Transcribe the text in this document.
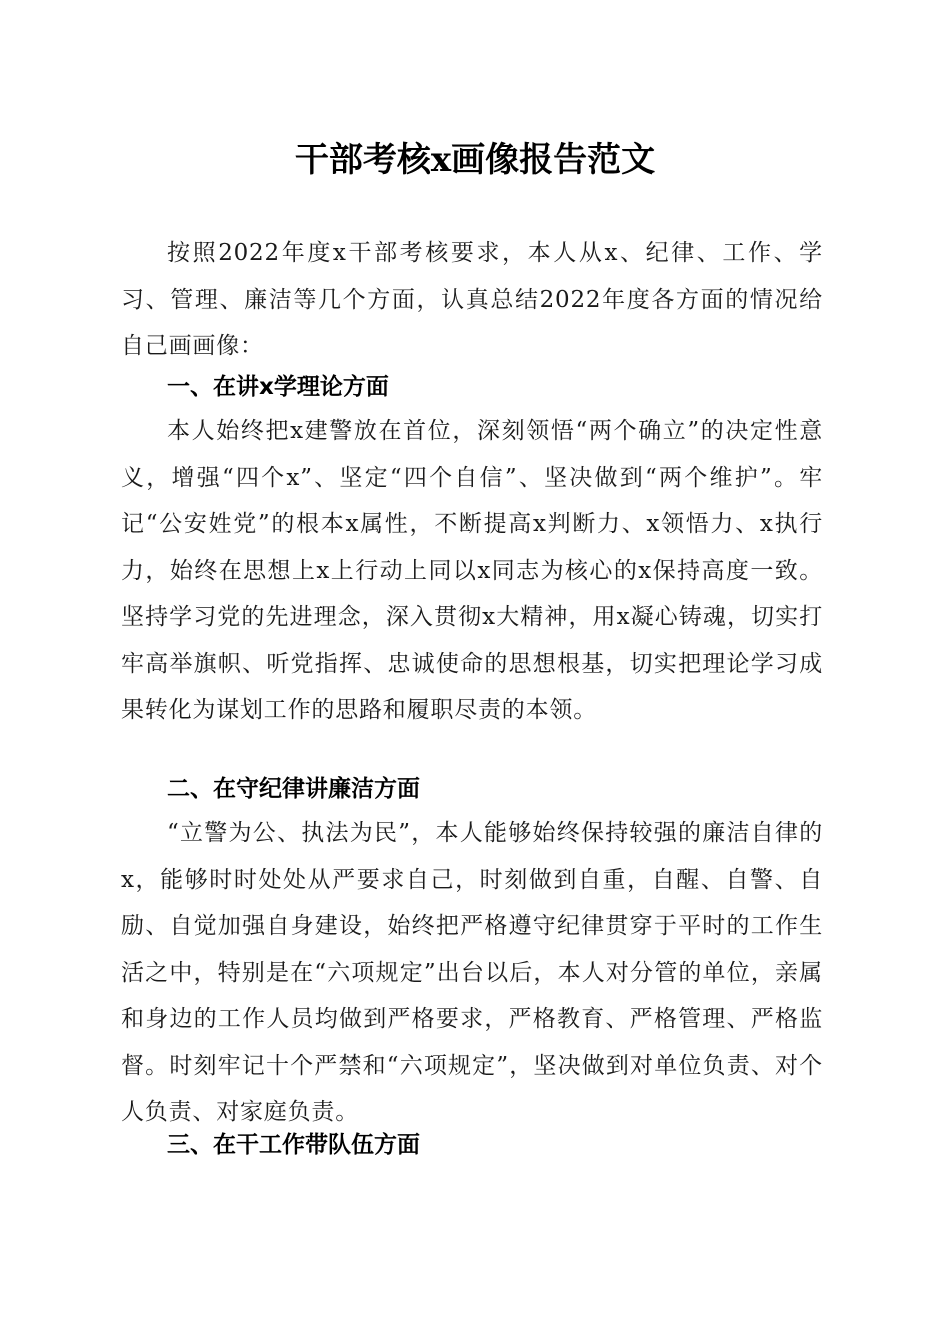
干部考核x画像报告范文

按照2022年度x干部考核要求，本人从x、纪律、工作、学习、管理、廉洁等几个方面，认真总结2022年度各方面的情况给自己画画像：

一、在讲x学理论方面

本人始终把x建警放在首位，深刻领悟“两个确立”的决定性意义，增强“四个x”、坚定“四个自信”、坚决做到“两个维护”。牢记“公安姓党”的根本x属性，不断提高x判断力、x领悟力、x执行力，始终在思想上x上行动上同以x同志为核心的x保持高度一致。坚持学习党的先进理念，深入贯彻x大精神，用x凝心铸魂，切实打牢高举旗帜、听党指挥、忠诚使命的思想根基，切实把理论学习成果转化为谋划工作的思路和履职尽责的本领。

二、在守纪律讲廉洁方面

“立警为公、执法为民”，本人能够始终保持较强的廉洁自律的x，能够时时处处从严要求自己，时刻做到自重，自醒、自警、自励、自觉加强自身建设，始终把严格遵守纪律贯穿于平时的工作生活之中，特别是在“六项规定”出台以后，本人对分管的单位，亲属和身边的工作人员均做到严格要求，严格教育、严格管理、严格监督。时刻牢记十个严禁和“六项规定”，坚决做到对单位负责、对个人负责、对家庭负责。

三、在干工作带队伍方面
